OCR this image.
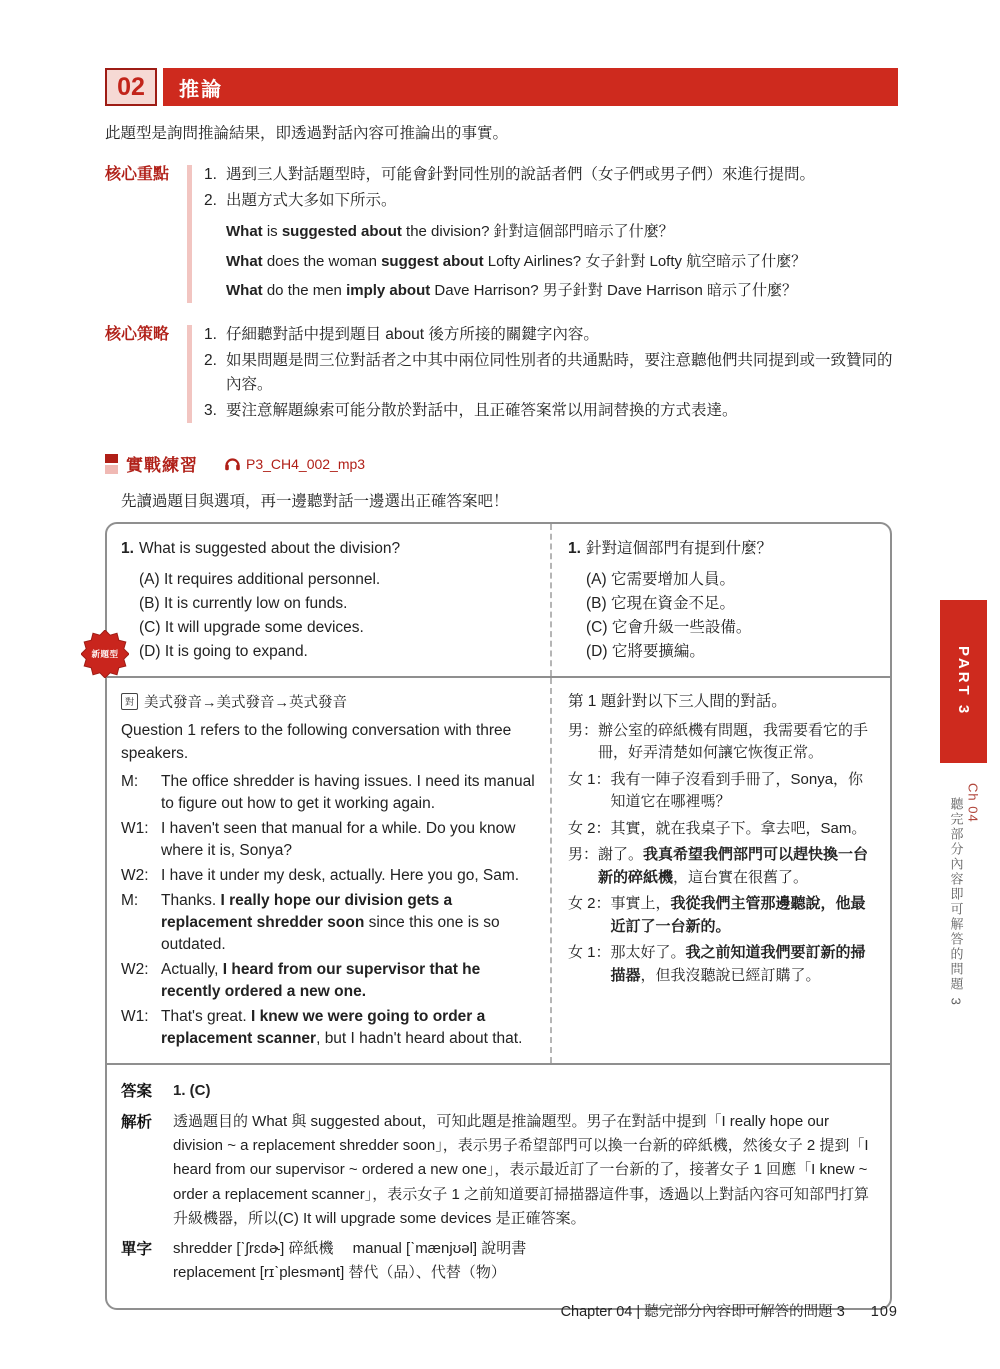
02	推論

此題型是詢問推論結果，即透過對話內容可推論出的事實。

核心重點	1. 遇到三人對話題型時，可能會針對同性別的說話者們（女子們或男子們）來進行提問。
2. 出題方式大多如下所示。
What is suggested about the division? 針對這個部門暗示了什麼？
What does the woman suggest about Lofty Airlines? 女子針對 Lofty 航空暗示了什麼？
What do the men imply about Dave Harrison? 男子針對 Dave Harrison 暗示了什麼？
核心策略	1. 仔細聽對話中提到題目 about 後方所接的關鍵字內容。
2. 如果問題是問三位對話者之中其中兩位同性別者的共通點時，要注意聽他們共同提到或一致贊同的內容。
3. 要注意解題線索可能分散於對話中，且正確答案常以用詞替換的方式表達。
實戰練習	P3_CH4_002_mp3

先讀過題目與選項，再一邊聽對話一邊選出正確答案吧！

1. What is suggested about the division?
(A) It requires additional personnel.
(B) It is currently low on funds.
(C) It will upgrade some devices.
(D) It is going to expand.
1. 針對這個部門有提到什麼？
(A) 它需要增加人員。
(B) 它現在資金不足。
(C) 它會升級一些設備。
(D) 它將要擴編。
對 美式發音→美式發音→英式發音
Question 1 refers to the following conversation with three speakers.
M:	The office shredder is having issues. I need its manual to figure out how to get it working again.
W1: I haven't seen that manual for a while. Do you know where it is, Sonya?
W2: I have it under my desk, actually. Here you go, Sam.
M:	Thanks. I really hope our division gets a replacement shredder soon since this one is so outdated.
W2: Actually, I heard from our supervisor that he recently ordered a new one.
W1: That's great. I knew we were going to order a replacement scanner, but I hadn't heard about that.
第 1 題針對以下三人間的對話。
男： 辦公室的碎紙機有問題，我需要看它的手冊，好弄清楚如何讓它恢復正常。
女 1： 我有一陣子沒看到手冊了，Sonya，你知道它在哪裡嗎？
女 2： 其實，就在我桌子下。拿去吧，Sam。
男： 謝了。我真希望我們部門可以趕快換一台新的碎紙機，這台實在很舊了。
女 2： 事實上，我從我們主管那邊聽說，他最近訂了一台新的。
女 1： 那太好了。我之前知道我們要訂新的掃描器，但我沒聽說已經訂購了。
答案	1. (C)
解析	透過題目的 What 與 suggested about，可知此題是推論題型。男子在對話中提到「I really hope our division ~ a replacement shredder soon」，表示男子希望部門可以換一台新的碎紙機，然後女子 2 提到「I heard from our supervisor ~ ordered a new one」，表示最近訂了一台新的了，接著女子 1 回應「I knew ~ order a replacement scanner」，表示女子 1 之前知道要訂掃描器這件事，透過以上對話內容可知部門打算升級機器，所以(C) It will upgrade some devices 是正確答案。
單字	shredder [ˋʃrɛdɚ] 碎紙機　 manual [ˋmænjʊəl] 說明書
replacement [rɪˋplesmənt] 替代（品）、代替（物）
新題型	PART 3
Ch 04
聽完部分內容即可解答的問題 3
Chapter 04 | 聽完部分內容即可解答的問題 3 109
